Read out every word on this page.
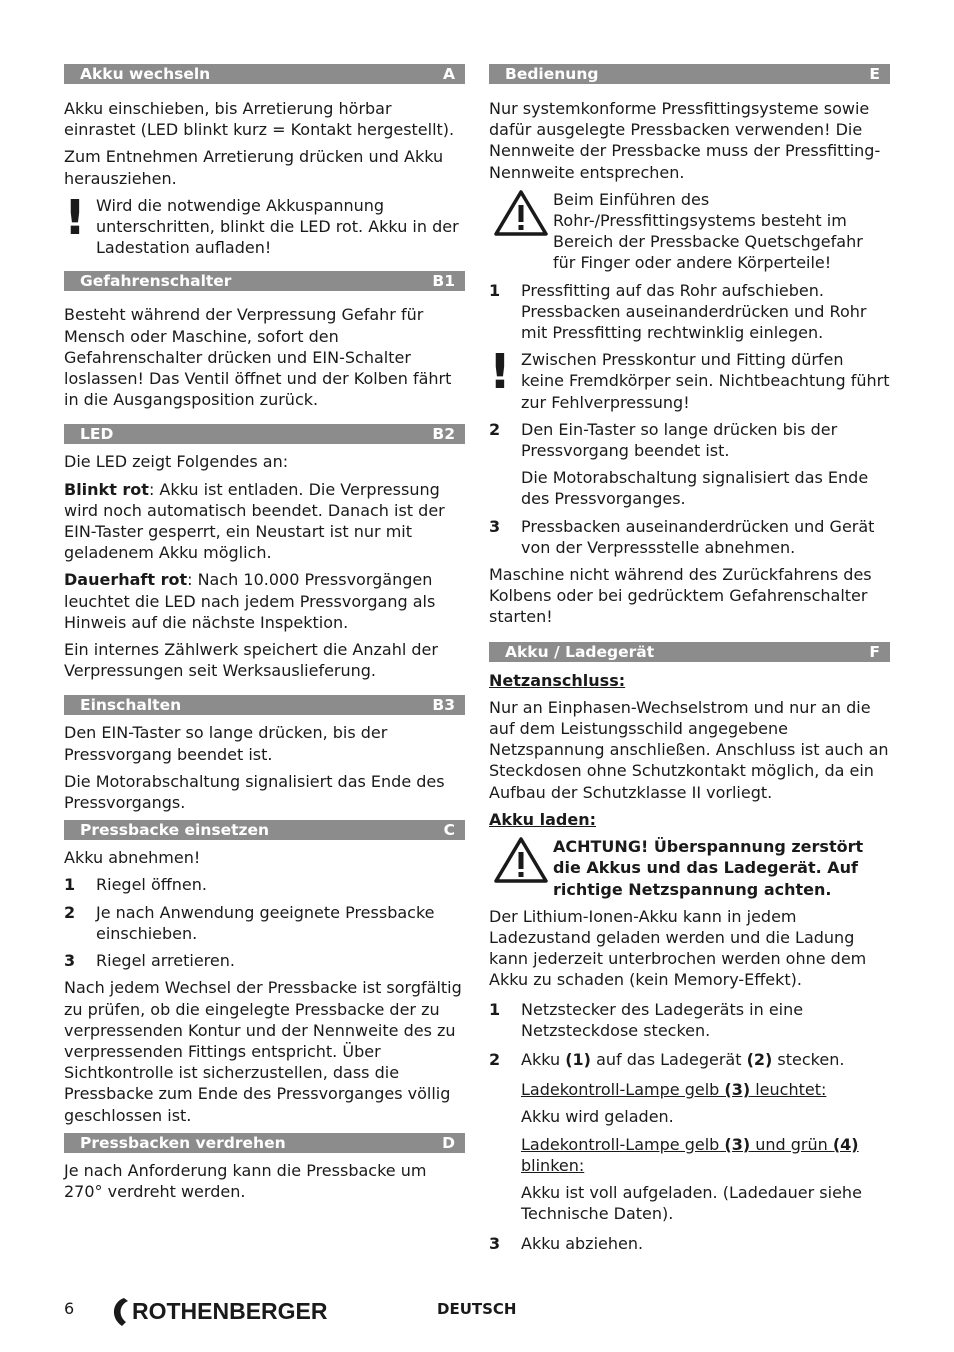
Akku wechseln	A

Akku einschieben, bis Arretierung hörbar einrastet (LED blinkt kurz = Kontakt hergestellt).

Zum Entnehmen Arretierung drücken und Akku herausziehen.

! Wird die notwendige Akkuspannung unterschritten, blinkt die LED rot. Akku in der Ladestation aufladen!

Gefahrenschalter	B1

Besteht während der Verpressung Gefahr für Mensch oder Maschine, sofort den Gefahrenschalter drücken und EIN-Schalter loslassen! Das Ventil öffnet und der Kolben fährt in die Ausgangsposition zurück.

LED	B2

Die LED zeigt Folgendes an:

Blinkt rot: Akku ist entladen. Die Verpressung wird noch automatisch beendet. Danach ist der EIN-Taster gesperrt, ein Neustart ist nur mit geladenem Akku möglich.

Dauerhaft rot: Nach 10.000 Pressvorgängen leuchtet die LED nach jedem Pressvorgang als Hinweis auf die nächste Inspektion.

Ein internes Zählwerk speichert die Anzahl der Verpressungen seit Werksauslieferung.

Einschalten	B3

Den EIN-Taster so lange drücken, bis der Pressvorgang beendet ist.

Die Motorabschaltung signalisiert das Ende des Pressvorgangs.

Pressbacke einsetzen	C

Akku abnehmen!

1	Riegel öffnen.
2	Je nach Anwendung geeignete Pressbacke einschieben.
3	Riegel arretieren.

Nach jedem Wechsel der Pressbacke ist sorgfältig zu prüfen, ob die eingelegte Pressbacke der zu verpressenden Kontur und der Nennweite des zu verpressenden Fittings entspricht. Über Sichtkontrolle ist sicherzustellen, dass die Pressbacke zum Ende des Pressvorganges völlig geschlossen ist.

Pressbacken verdrehen	D

Je nach Anforderung kann die Pressbacke um 270° verdreht werden.

Bedienung	E

Nur systemkonforme Pressfittingsysteme sowie dafür ausgelegte Pressbacken verwenden! Die Nennweite der Pressbacke muss der Pressfitting-Nennweite entsprechen.

Beim Einführen des Rohr-/Pressfittingsystems besteht im Bereich der Pressbacke Quetschgefahr für Finger oder andere Körperteile!

1	Pressfitting auf das Rohr aufschieben. Pressbacken auseinanderdrücken und Rohr mit Pressfitting rechtwinklig einlegen.
! Zwischen Presskontur und Fitting dürfen keine Fremdkörper sein. Nichtbeachtung führt zur Fehlverpressung!

2	Den Ein-Taster so lange drücken bis der Pressvorgang beendet ist.

Die Motorabschaltung signalisiert das Ende des Pressvorganges.

3	Pressbacken auseinanderdrücken und Gerät von der Verpressstelle abnehmen.

Maschine nicht während des Zurückfahrens des Kolbens oder bei gedrücktem Gefahrenschalter starten!

Akku / Ladegerät	F

Netzanschluss:

Nur an Einphasen-Wechselstrom und nur an die auf dem Leistungsschild angegebene Netzspannung anschließen. Anschluss ist auch an Steckdosen ohne Schutzkontakt möglich, da ein Aufbau der Schutzklasse II vorliegt.

Akku laden:

ACHTUNG! Überspannung zerstört die Akkus und das Ladegerät. Auf richtige Netzspannung achten.

Der Lithium-Ionen-Akku kann in jedem Ladezustand geladen werden und die Ladung kann jederzeit unterbrochen werden ohne dem Akku zu schaden (kein Memory-Effekt).

1	Netzstecker des Ladegeräts in eine Netzsteckdose stecken.
2	Akku (1) auf das Ladegerät (2) stecken.

Ladekontroll-Lampe gelb (3) leuchtet:

Akku wird geladen.

Ladekontroll-Lampe gelb (3) und grün (4) blinken:

Akku ist voll aufgeladen. (Ladedauer siehe Technische Daten).

3	Akku abziehen.
6	ROTHENBERGER	DEUTSCH
